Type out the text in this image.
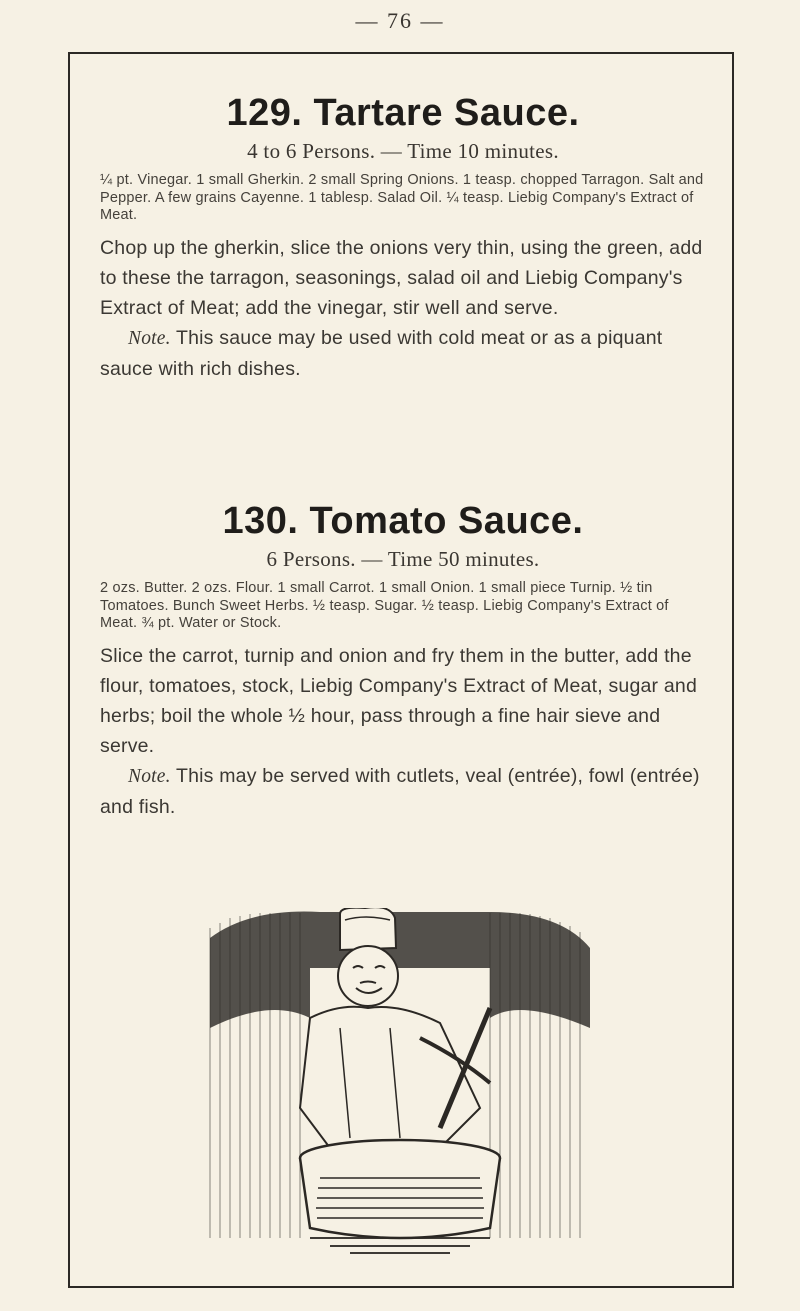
— 76 —
129. Tartare Sauce.
4 to 6 Persons. — Time 10 minutes.

¼ pt. Vinegar. 1 small Gherkin. 2 small Spring Onions. 1 teasp. chopped Tarragon. Salt and Pepper. A few grains Cayenne. 1 tablesp. Salad Oil. ¼ teasp. Liebig Company's Extract of Meat.

Chop up the gherkin, slice the onions very thin, using the green, add to these the tarragon, seasonings, salad oil and Liebig Company's Extract of Meat; add the vinegar, stir well and serve.

Note. This sauce may be used with cold meat or as a piquant sauce with rich dishes.

130. Tomato Sauce.
6 Persons. — Time 50 minutes.

2 ozs. Butter. 2 ozs. Flour. 1 small Carrot. 1 small Onion. 1 small piece Turnip. ½ tin Tomatoes. Bunch Sweet Herbs. ½ teasp. Sugar. ½ teasp. Liebig Company's Extract of Meat. ¾ pt. Water or Stock.

Slice the carrot, turnip and onion and fry them in the butter, add the flour, tomatoes, stock, Liebig Company's Extract of Meat, sugar and herbs; boil the whole ½ hour, pass through a fine hair sieve and serve.

Note. This may be served with cutlets, veal (entrée), fowl (entrée) and fish.
